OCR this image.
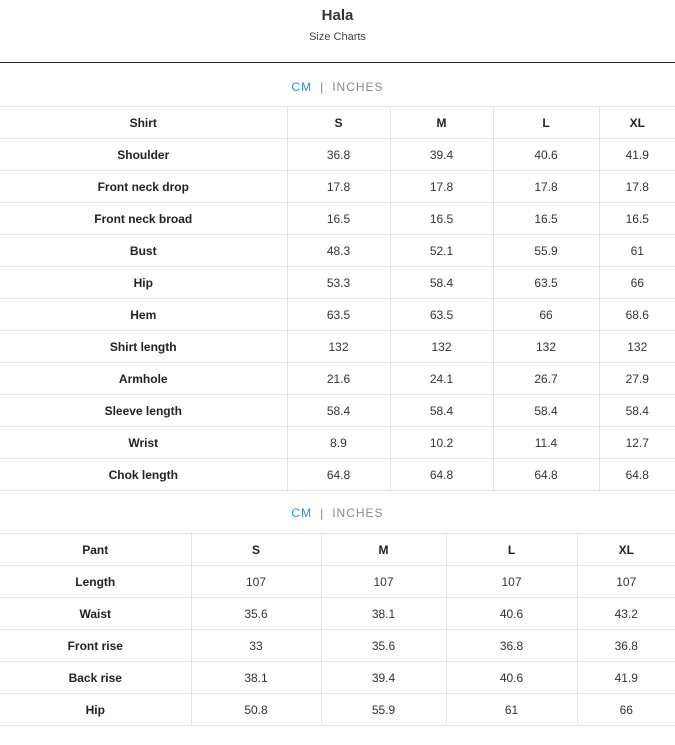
Hala
Size Charts
CM | INCHES
Shirt	S	M	L	XL
Shoulder	36.8	39.4	40.6	41.9
Front neck drop	17.8	17.8	17.8	17.8
Front neck broad	16.5	16.5	16.5	16.5
Bust	48.3	52.1	55.9	61
Hip	53.3	58.4	63.5	66
Hem	63.5	63.5	66	68.6
Shirt length	132	132	132	132
Armhole	21.6	24.1	26.7	27.9
Sleeve length	58.4	58.4	58.4	58.4
Wrist	8.9	10.2	11.4	12.7
Chok length	64.8	64.8	64.8	64.8
CM | INCHES
Pant	S	M	L	XL
Length	107	107	107	107
Waist	35.6	38.1	40.6	43.2
Front rise	33	35.6	36.8	36.8
Back rise	38.1	39.4	40.6	41.9
Hip	50.8	55.9	61	66
